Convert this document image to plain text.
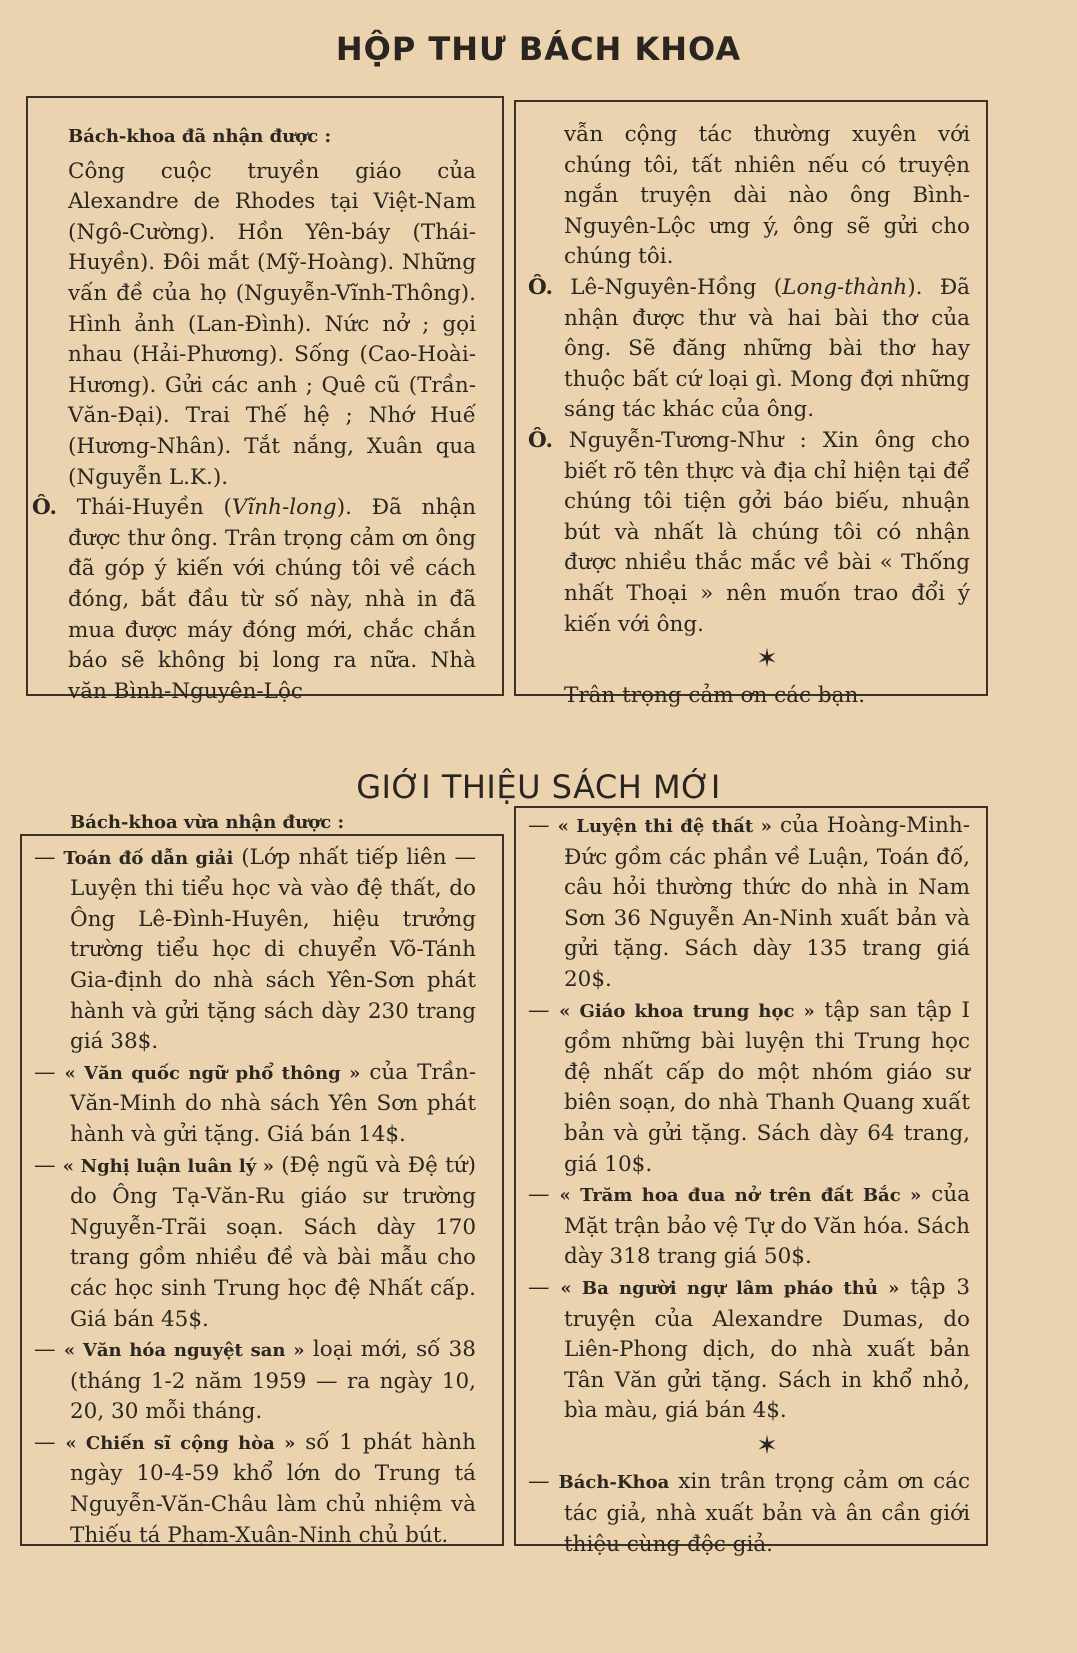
HỘP THƯ BÁCH KHOA

Bách-khoa đã nhận được :

Công cuộc truyền giáo của Alexandre de Rhodes tại Việt-Nam (Ngô-Cường). Hồn Yên-báy (Thái-Huyền). Đôi mắt (Mỹ-Hoàng). Những vấn đề của họ (Nguyễn-Vĩnh-Thông). Hình ảnh (Lan-Đình). Nức nở ; gọi nhau (Hải-Phương). Sống (Cao-Hoài-Hương). Gửi các anh ; Quê cũ (Trần-Văn-Đại). Trai Thế hệ ; Nhớ Huế (Hương-Nhân). Tắt nắng, Xuân qua (Nguyễn L.K.).

Ô. Thái-Huyền (Vĩnh-long). Đã nhận được thư ông. Trân trọng cảm ơn ông đã góp ý kiến với chúng tôi về cách đóng, bắt đầu từ số này, nhà in đã mua được máy đóng mới, chắc chắn báo sẽ không bị long ra nữa. Nhà văn Bình-Nguyên-Lộc

vẫn cộng tác thường xuyên với chúng tôi, tất nhiên nếu có truyện ngắn truyện dài nào ông Bình-Nguyên-Lộc ưng ý, ông sẽ gửi cho chúng tôi.

Ô. Lê-Nguyên-Hồng (Long-thành). Đã nhận được thư và hai bài thơ của ông. Sẽ đăng những bài thơ hay thuộc bất cứ loại gì. Mong đợi những sáng tác khác của ông.

Ô. Nguyễn-Tương-Như : Xin ông cho biết rõ tên thực và địa chỉ hiện tại để chúng tôi tiện gởi báo biếu, nhuận bút và nhất là chúng tôi có nhận được nhiều thắc mắc về bài « Thống nhất Thoại » nên muốn trao đổi ý kiến với ông.

✶

Trân trọng cảm ơn các bạn.

GIỚI THIỆU SÁCH MỚI

Bách-khoa vừa nhận được :

— Toán đố dẫn giải (Lớp nhất tiếp liên — Luyện thi tiểu học và vào đệ thất, do Ông Lê-Đình-Huyên, hiệu trưởng trường tiểu học di chuyển Võ-Tánh Gia-định do nhà sách Yên-Sơn phát hành và gửi tặng sách dày 230 trang giá 38$.

— « Văn quốc ngữ phổ thông » của Trần-Văn-Minh do nhà sách Yên Sơn phát hành và gửi tặng. Giá bán 14$.

— « Nghị luận luân lý » (Đệ ngũ và Đệ tứ) do Ông Tạ-Văn-Ru giáo sư trường Nguyễn-Trãi soạn. Sách dày 170 trang gồm nhiều đề và bài mẫu cho các học sinh Trung học đệ Nhất cấp. Giá bán 45$.

— « Văn hóa nguyệt san » loại mới, số 38 (tháng 1-2 năm 1959 — ra ngày 10, 20, 30 mỗi tháng.

— « Chiến sĩ cộng hòa » số 1 phát hành ngày 10-4-59 khổ lớn do Trung tá Nguyễn-Văn-Châu làm chủ nhiệm và Thiếu tá Phạm-Xuân-Ninh chủ bút.

— « Luyện thi đệ thất » của Hoàng-Minh-Đức gồm các phần về Luận, Toán đố, câu hỏi thường thức do nhà in Nam Sơn 36 Nguyễn An-Ninh xuất bản và gửi tặng. Sách dày 135 trang giá 20$.

— « Giáo khoa trung học » tập san tập I gồm những bài luyện thi Trung học đệ nhất cấp do một nhóm giáo sư biên soạn, do nhà Thanh Quang xuất bản và gửi tặng. Sách dày 64 trang, giá 10$.

— « Trăm hoa đua nở trên đất Bắc » của Mặt trận bảo vệ Tự do Văn hóa. Sách dày 318 trang giá 50$.

— « Ba người ngự lâm pháo thủ » tập 3 truyện của Alexandre Dumas, do Liên-Phong dịch, do nhà xuất bản Tân Văn gửi tặng. Sách in khổ nhỏ, bìa màu, giá bán 4$.

✶

— Bách-Khoa xin trân trọng cảm ơn các tác giả, nhà xuất bản và ân cần giới thiệu cùng độc giả.
